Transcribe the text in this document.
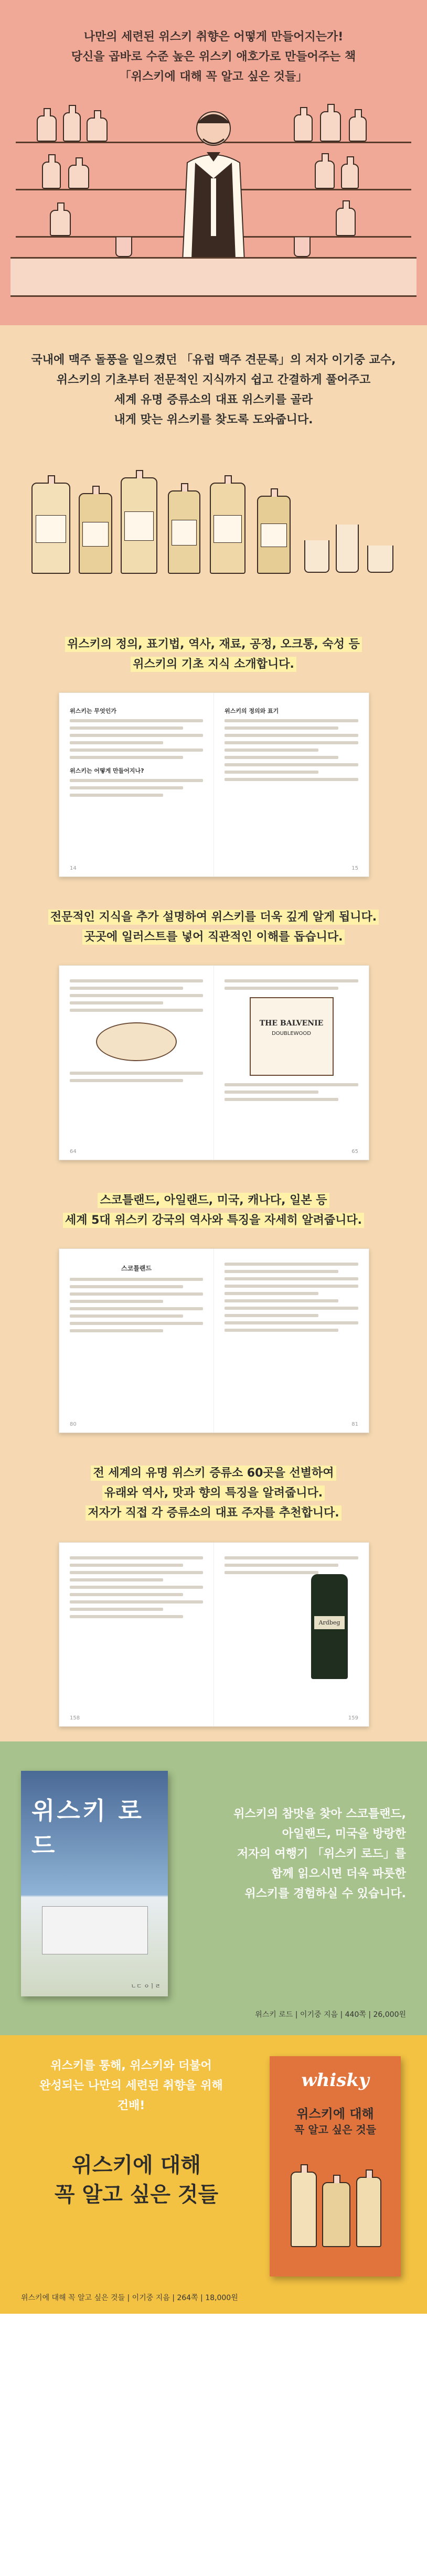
나만의 세련된 위스키 취향은 어떻게 만들어지는가!
당신을 곱바로 수준 높은 위스키 애호가로 만들어주는 책
「위스키에 대해 꼭 알고 싶은 것들」
국내에 맥주 돌풍을 일으켰던 「유럽 맥주 견문록」의 저자 이기중 교수,
위스키의 기초부터 전문적인 지식까지 쉽고 간결하게 풀어주고
세계 유명 증류소의 대표 위스키를 골라
내게 맞는 위스키를 찾도록 도와줍니다.
위스키의 정의, 표기법, 역사, 재료, 공정, 오크통, 숙성 등
위스키의 기초 지식 소개합니다.
위스키는 무엇인가
위스키는 어떻게 만들어지나?
14
위스키의 정의와 표기
15
전문적인 지식을 추가 설명하여 위스키를 더욱 깊게 알게 됩니다.
곳곳에 일러스트를 넣어 직관적인 이해를 돕습니다.
64
THE BALVENIE
DOUBLEWOOD
65
스코틀랜드, 아일랜드, 미국, 캐나다, 일본 등
세계 5대 위스키 강국의 역사와 특징을 자세히 알려줍니다.
스코틀랜드
80	81
전 세계의 유명 위스키 증류소 60곳을 선별하여
유래와 역사, 맛과 향의 특징을 알려줍니다.
저자가 직접 각 증류소의 대표 주자를 추천합니다.
158
Ardbeg
159
위스키 로드
ㄴㄷ ㅇㅣㄹ
위스키의 참맛을 찾아 스코틀랜드,
아일랜드, 미국을 방랑한
저자의 여행기 「위스키 로드」를
함께 읽으시면 더욱 파릇한
위스키를 경험하실 수 있습니다.
위스키 로드 | 이기중 지음 | 440쪽 | 26,000원
위스키를 통해, 위스키와 더불어
완성되는 나만의 세련된 취향을 위해
건배!
위스키에 대해
꼭 알고 싶은 것들
whisky
위스키에 대해
꼭 알고 싶은 것들
위스키에 대해 꼭 알고 싶은 것들 | 이기중 지음 | 264쪽 | 18,000원
